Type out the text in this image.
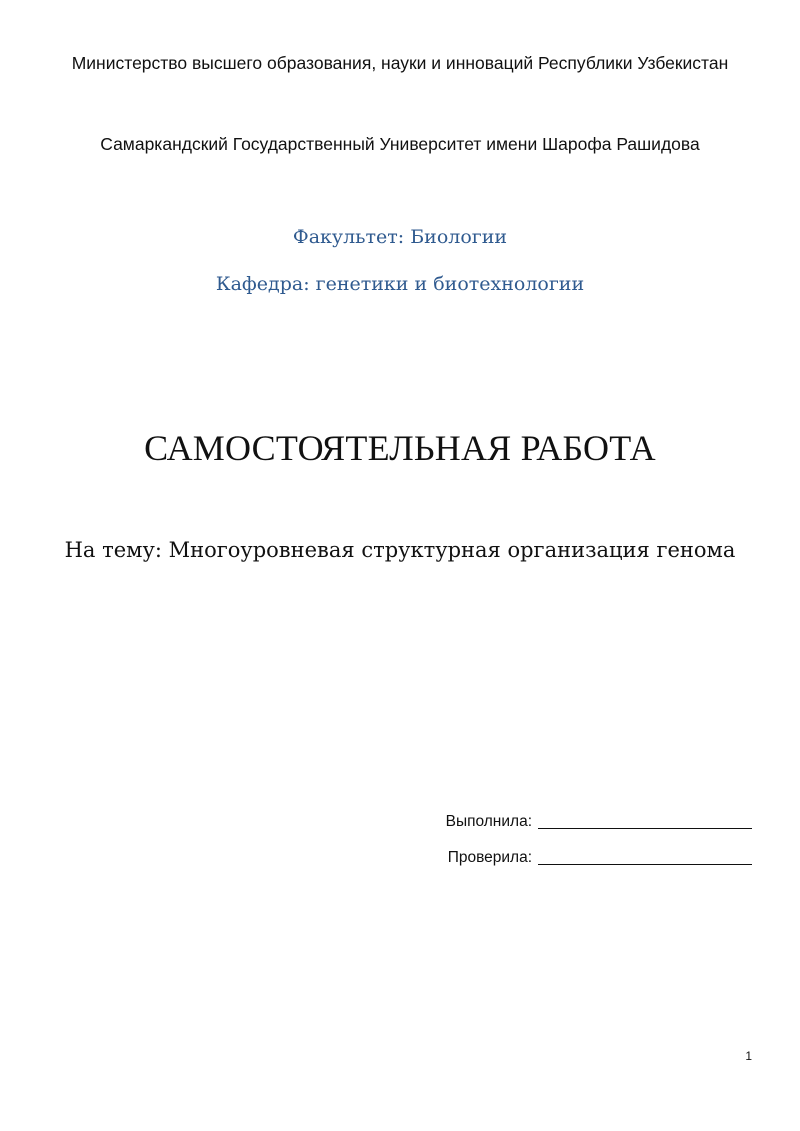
Министерство высшего образования, науки и инноваций Республики Узбекистан
Самаркандский Государственный Университет имени Шарофа Рашидова
Факультет: Биологии
Кафедра: генетики и биотехнологии
САМОСТОЯТЕЛЬНАЯ РАБОТА
На тему: Многоуровневая структурная организация генома
Выполнила:
Проверила:
1
